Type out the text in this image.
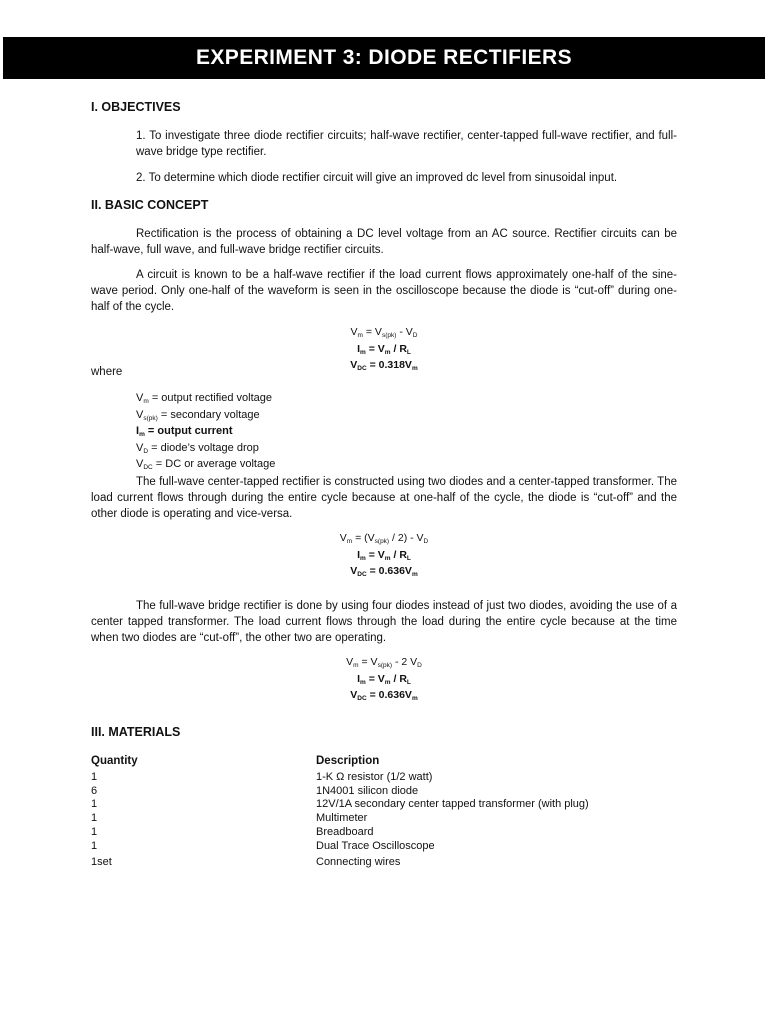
EXPERIMENT 3: DIODE RECTIFIERS
I. OBJECTIVES
1. To investigate three diode rectifier circuits; half-wave rectifier, center-tapped full-wave rectifier, and full-wave bridge type rectifier.
2. To determine which diode rectifier circuit will give an improved dc level from sinusoidal input.
II. BASIC CONCEPT
Rectification is the process of obtaining a DC level voltage from an AC source. Rectifier circuits can be half-wave, full wave, and full-wave bridge rectifier circuits.
A circuit is known to be a half-wave rectifier if the load current flows approximately one-half of the sine-wave period. Only one-half of the waveform is seen in the oscilloscope because the diode is “cut-off” during one-half of the cycle.
$V_m = V_{s(pk)} - V_D$
$I_m = V_m / R_L$
$V_{DC} = 0.318V_m$
where
$V_m$ = output rectified voltage
$V_{s(pk)}$ = secondary voltage
$I_m$ = output current
$V_D$ = diode’s voltage drop
$V_{DC}$ = DC or average voltage
The full-wave center-tapped rectifier is constructed using two diodes and a center-tapped transformer. The load current flows through during the entire cycle because at one-half of the cycle, the diode is “cut-off” and the other diode is operating and vice-versa.
$V_m = (V_{s(pk)} / 2) - V_D$
$I_m = V_m / R_L$
$V_{DC} = 0.636V_m$
The full-wave bridge rectifier is done by using four diodes instead of just two diodes, avoiding the use of a center tapped transformer. The load current flows through the load during the entire cycle because at the time when two diodes are “cut-off”, the other two are operating.
$V_m = V_{s(pk)} - 2$ $V_D$
$I_m = V_m / R_L$
$V_{DC} = 0.636V_m$
III. MATERIALS
Quantity	Description
1	1-K Ω resistor (1/2 watt)
6	1N4001 silicon diode
1	12V/1A secondary center tapped transformer (with plug)
1	Multimeter
1	Breadboard
1	Dual Trace Oscilloscope
1set	Connecting wires
